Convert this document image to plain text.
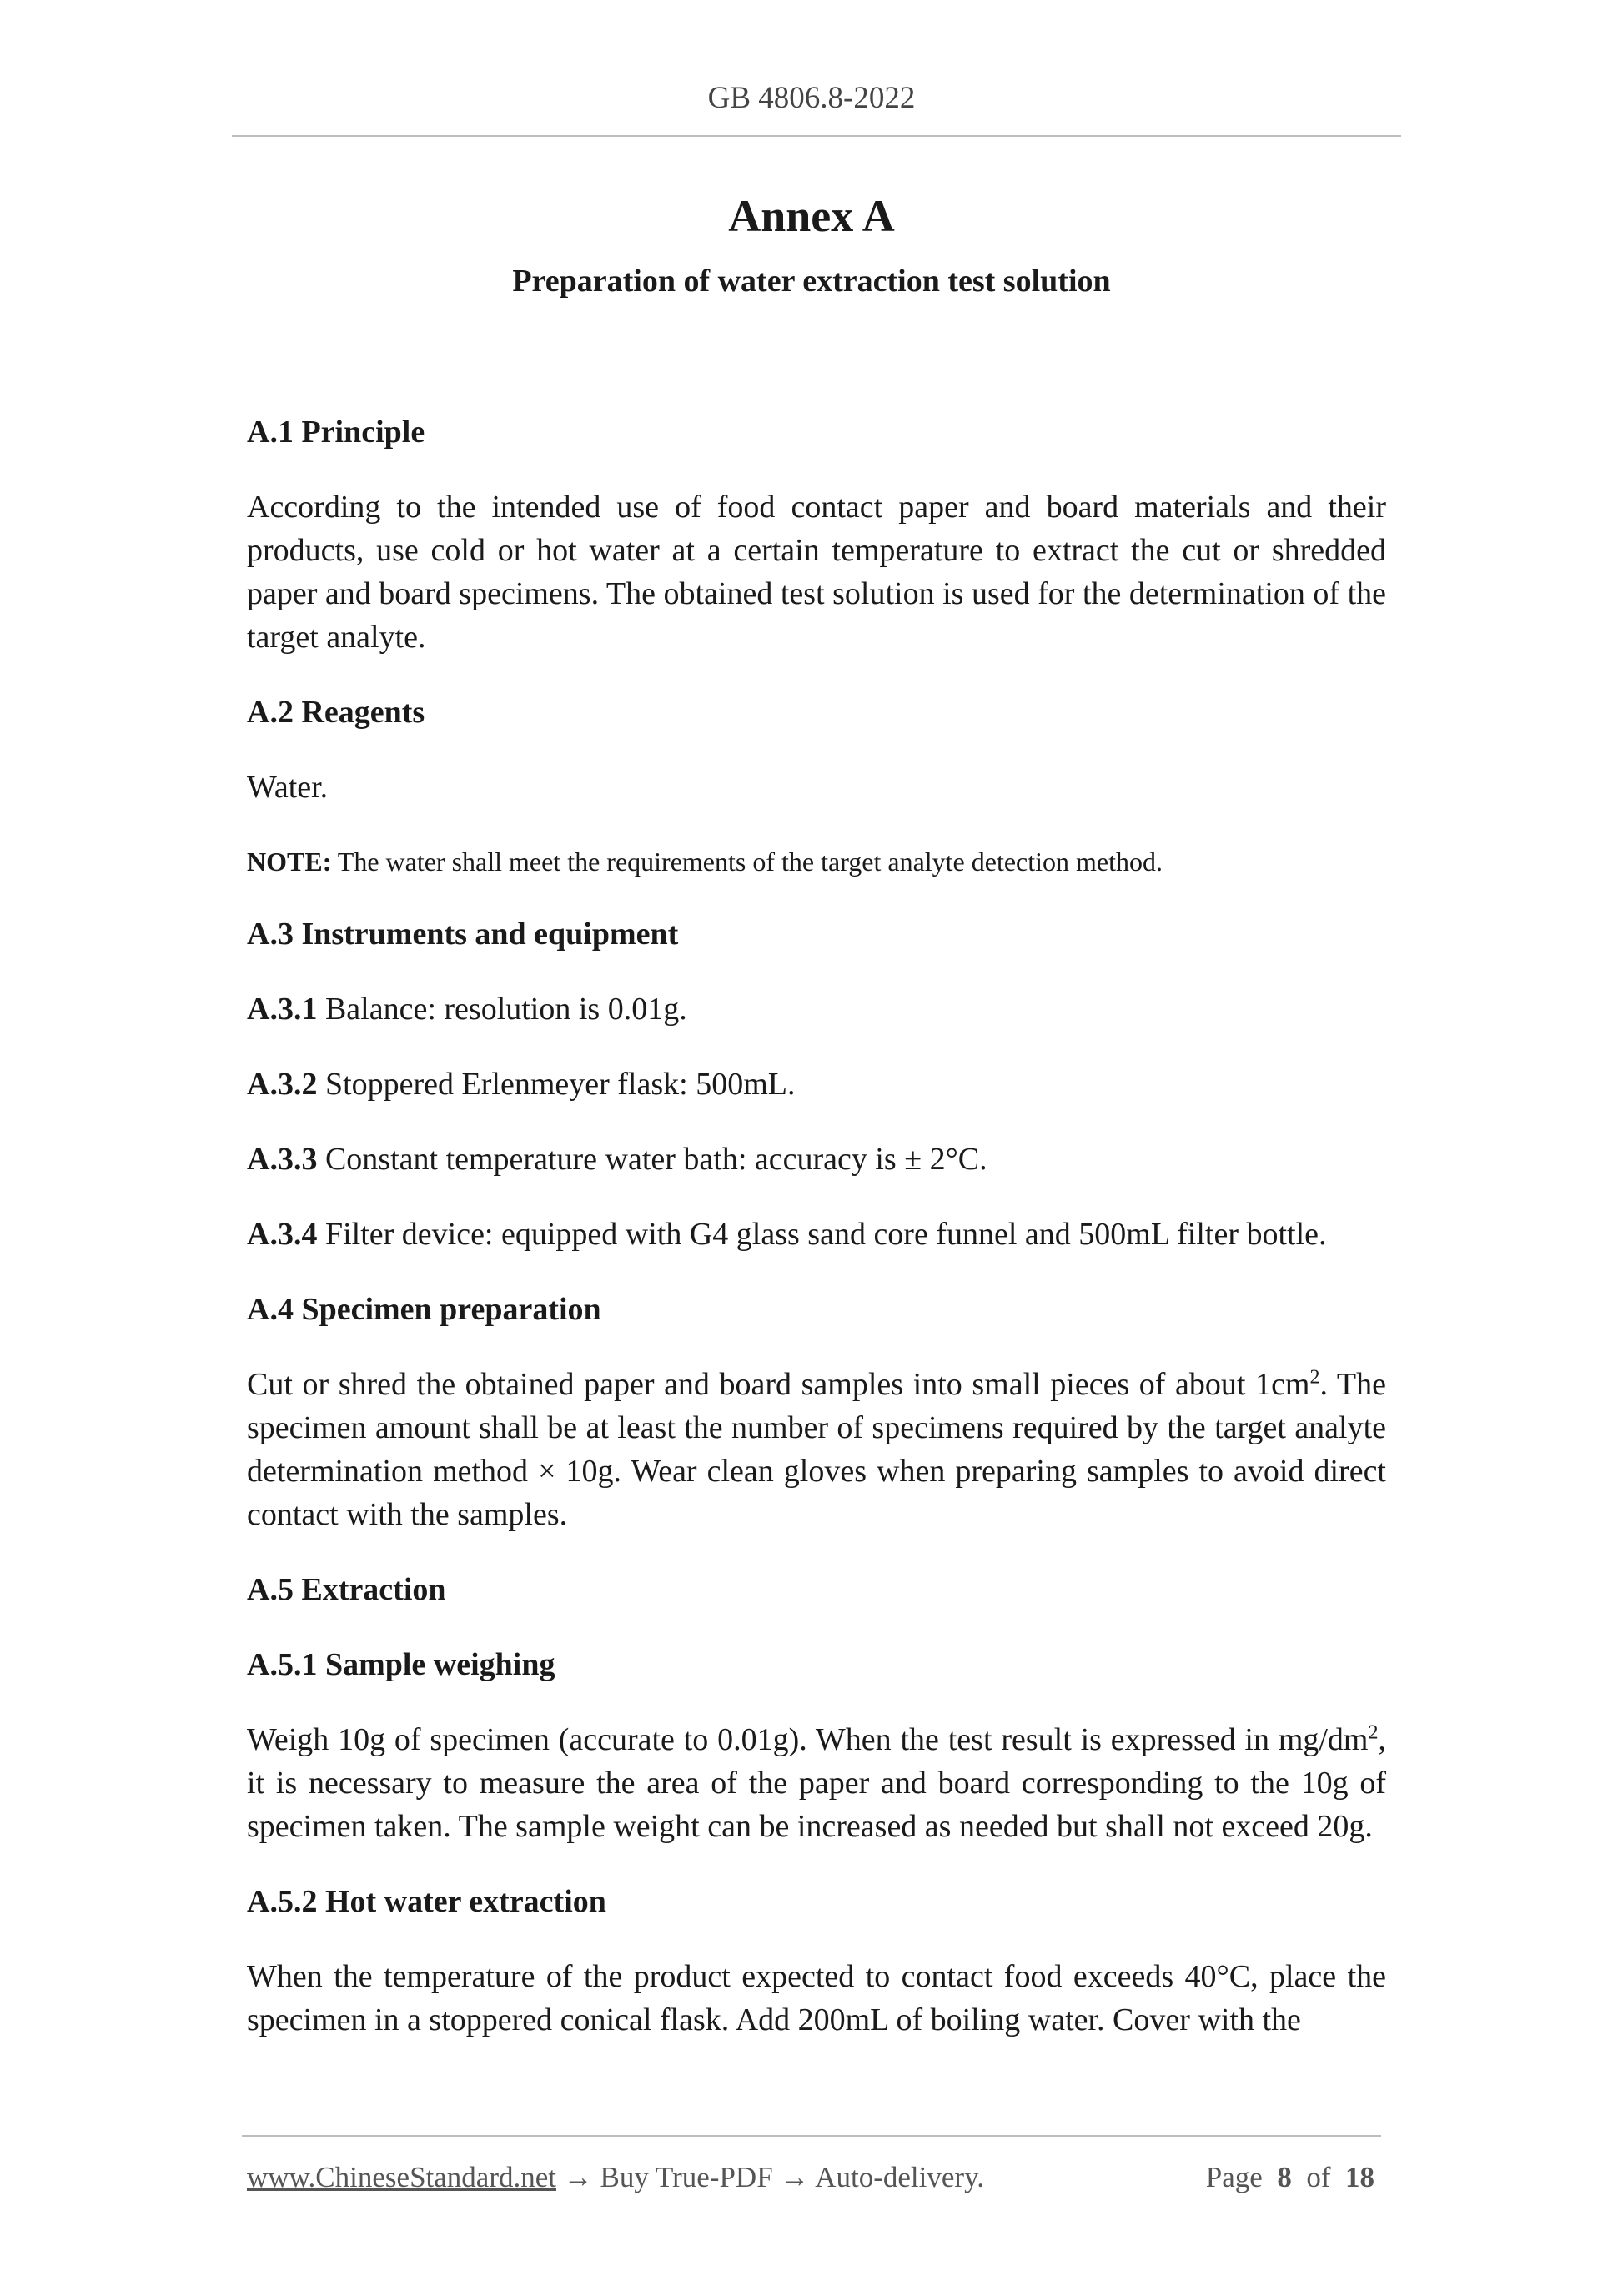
GB 4806.8-2022
Annex A
Preparation of water extraction test solution

A.1 Principle

According to the intended use of food contact paper and board materials and their products, use cold or hot water at a certain temperature to extract the cut or shredded paper and board specimens. The obtained test solution is used for the determination of the target analyte.

A.2 Reagents

Water.

NOTE: The water shall meet the requirements of the target analyte detection method.

A.3 Instruments and equipment

A.3.1 Balance: resolution is 0.01g.

A.3.2 Stoppered Erlenmeyer flask: 500mL.

A.3.3 Constant temperature water bath: accuracy is ± 2°C.

A.3.4 Filter device: equipped with G4 glass sand core funnel and 500mL filter bottle.

A.4 Specimen preparation

Cut or shred the obtained paper and board samples into small pieces of about $1cm^2$. The specimen amount shall be at least the number of specimens required by the target analyte determination method × 10g. Wear clean gloves when preparing samples to avoid direct contact with the samples.

A.5 Extraction

A.5.1 Sample weighing

Weigh 10g of specimen (accurate to 0.01g). When the test result is expressed in $mg/dm^2$, it is necessary to measure the area of the paper and board corresponding to the 10g of specimen taken. The sample weight can be increased as needed but shall not exceed 20g.

A.5.2 Hot water extraction

When the temperature of the product expected to contact food exceeds 40°C, place the specimen in a stoppered conical flask. Add 200mL of boiling water. Cover with the

www.ChineseStandard.net → Buy True-PDF → Auto-delivery.	Page 8 of 18
